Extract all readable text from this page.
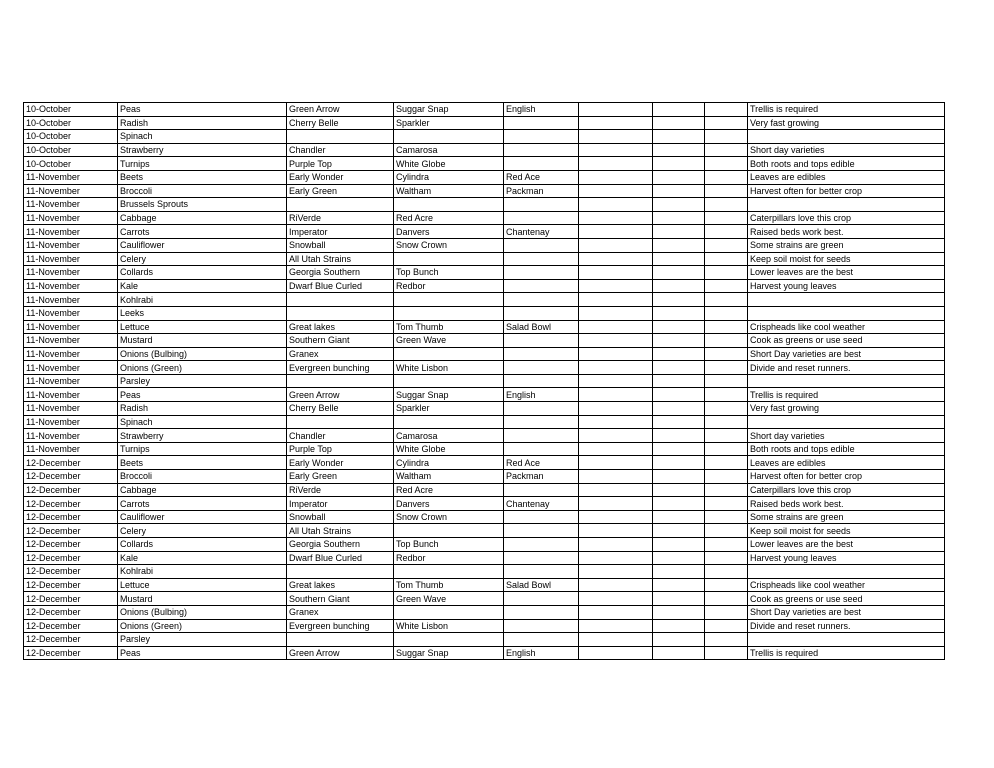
10-October	Peas	Green Arrow	Suggar Snap	English				Trellis is required
10-October	Radish	Cherry Belle	Sparkler					Very fast growing
10-October	Spinach							
10-October	Strawberry	Chandler	Camarosa					Short day varieties
10-October	Turnips	Purple Top	White Globe					Both roots and tops edible
11-November	Beets	Early Wonder	Cylindra	Red Ace				Leaves are edibles
11-November	Broccoli	Early Green	Waltham	Packman				Harvest often for better crop
11-November	Brussels Sprouts							
11-November	Cabbage	RiVerde	Red Acre					Caterpillars love this crop
11-November	Carrots	Imperator	Danvers	Chantenay				Raised beds work best.
11-November	Cauliflower	Snowball	Snow Crown					Some strains are green
11-November	Celery	All Utah Strains						Keep soil moist for seeds
11-November	Collards	Georgia Southern	Top Bunch					Lower leaves are the best
11-November	Kale	Dwarf Blue Curled	Redbor					Harvest young leaves
11-November	Kohlrabi							
11-November	Leeks							
11-November	Lettuce	Great lakes	Tom Thumb	Salad Bowl				Crispheads like cool weather
11-November	Mustard	Southern Giant	Green Wave					Cook as greens or use seed
11-November	Onions (Bulbing)	Granex						Short Day varieties are best
11-November	Onions (Green)	Evergreen bunching	White Lisbon					Divide and reset runners.
11-November	Parsley							
11-November	Peas	Green Arrow	Suggar Snap	English				Trellis is required
11-November	Radish	Cherry Belle	Sparkler					Very fast growing
11-November	Spinach							
11-November	Strawberry	Chandler	Camarosa					Short day varieties
11-November	Turnips	Purple Top	White Globe					Both roots and tops edible
12-December	Beets	Early Wonder	Cylindra	Red Ace				Leaves are edibles
12-December	Broccoli	Early Green	Waltham	Packman				Harvest often for better crop
12-December	Cabbage	RiVerde	Red Acre					Caterpillars love this crop
12-December	Carrots	Imperator	Danvers	Chantenay				Raised beds work best.
12-December	Cauliflower	Snowball	Snow Crown					Some strains are green
12-December	Celery	All Utah Strains						Keep soil moist for seeds
12-December	Collards	Georgia Southern	Top Bunch					Lower leaves are the best
12-December	Kale	Dwarf Blue Curled	Redbor					Harvest young leaves
12-December	Kohlrabi							
12-December	Lettuce	Great lakes	Tom Thumb	Salad Bowl				Crispheads like cool weather
12-December	Mustard	Southern Giant	Green Wave					Cook as greens or use seed
12-December	Onions (Bulbing)	Granex						Short Day varieties are best
12-December	Onions (Green)	Evergreen bunching	White Lisbon					Divide and reset runners.
12-December	Parsley							
12-December	Peas	Green Arrow	Suggar Snap	English				Trellis is required
